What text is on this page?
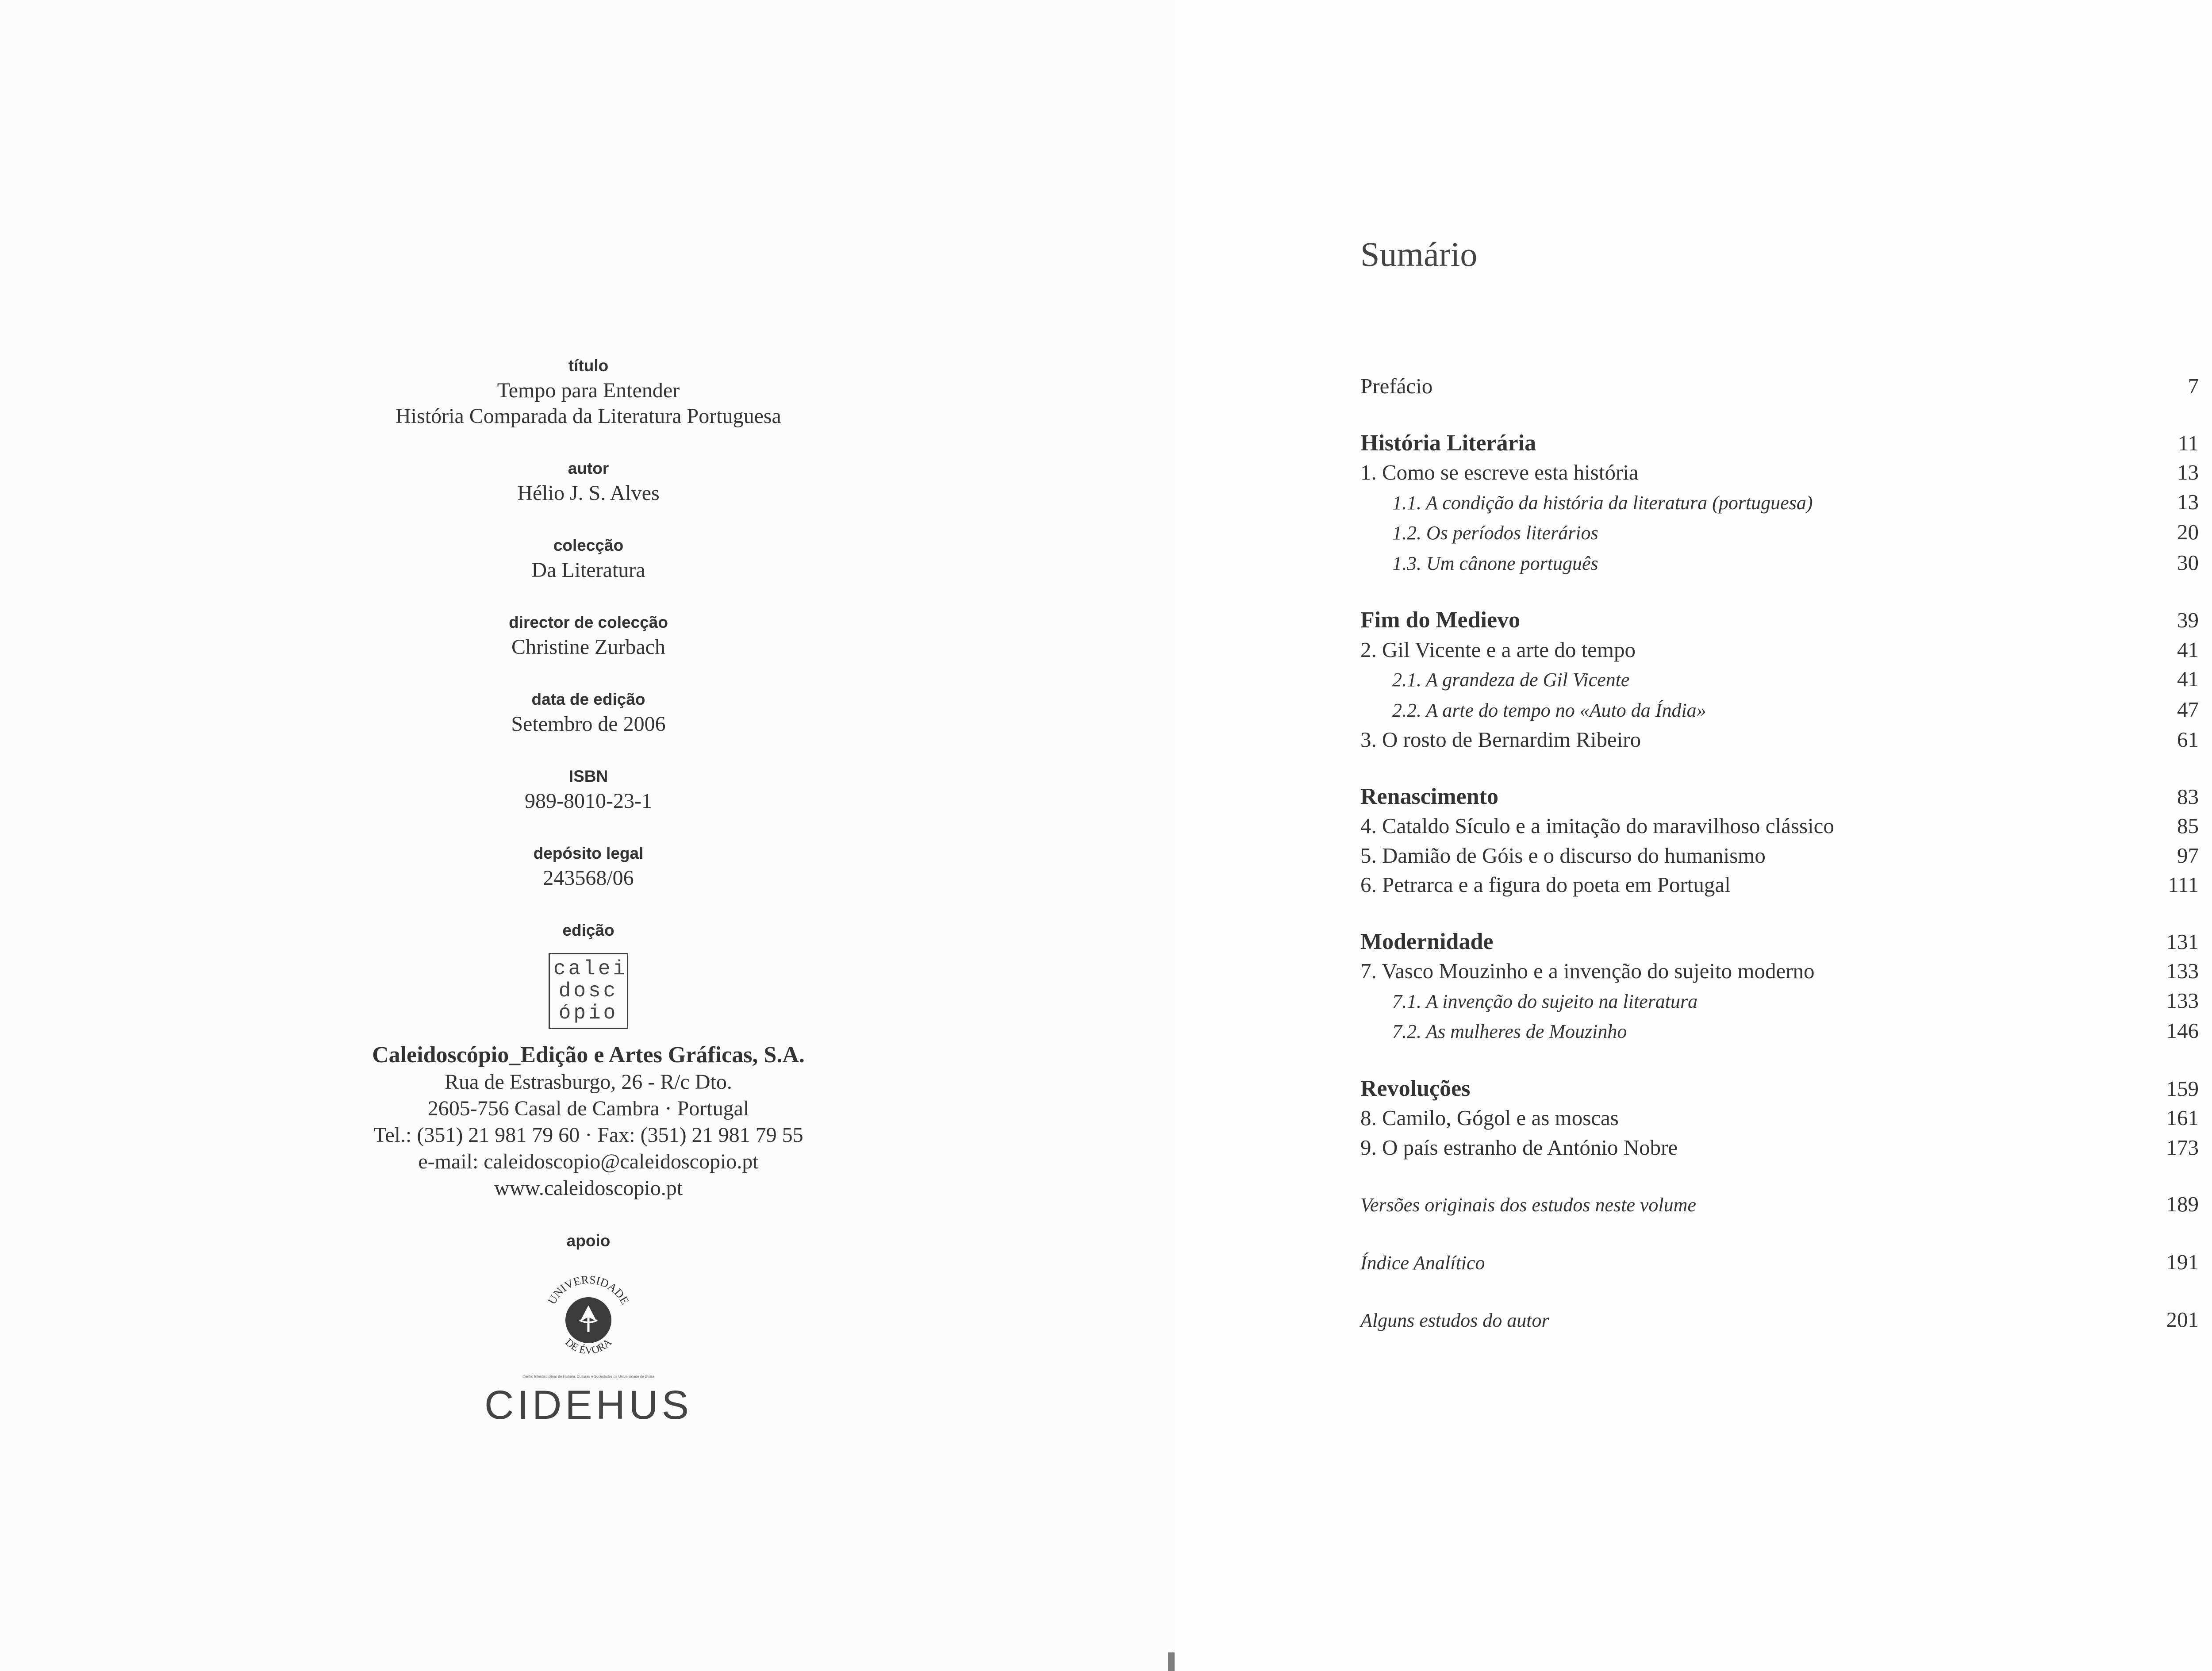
título
Tempo para Entender
História Comparada da Literatura Portuguesa
autor
Hélio J. S. Alves
colecção
Da Literatura
director de colecção
Christine Zurbach
data de edição
Setembro de 2006
ISBN
989-8010-23-1
depósito legal
243568/06
edição
calei
dosc
ópio
Caleidoscópio_Edição e Artes Gráficas, S.A.
Rua de Estrasburgo, 26 - R/c Dto.
2605-756 Casal de Cambra · Portugal
Tel.: (351) 21 981 79 60 · Fax: (351) 21 981 79 55
e-mail: caleidoscopio@caleidoscopio.pt
www.caleidoscopio.pt
apoio
UNIVERSIDADE
DE ÉVORA
Centro Interdisciplinar de História, Culturas e Sociedades da Universidade de Évora
CIDEHUS
Sumário
Prefácio	7
História Literária	11
1. Como se escreve esta história	13
1.1. A condição da história da literatura (portuguesa)	13
1.2. Os períodos literários	20
1.3. Um cânone português	30
Fim do Medievo	39
2. Gil Vicente e a arte do tempo	41
2.1. A grandeza de Gil Vicente	41
2.2. A arte do tempo no «Auto da Índia»	47
3. O rosto de Bernardim Ribeiro	61
Renascimento	83
4. Cataldo Sículo e a imitação do maravilhoso clássico	85
5. Damião de Góis e o discurso do humanismo	97
6. Petrarca e a figura do poeta em Portugal	111
Modernidade	131
7. Vasco Mouzinho e a invenção do sujeito moderno	133
7.1. A invenção do sujeito na literatura	133
7.2. As mulheres de Mouzinho	146
Revoluções	159
8. Camilo, Gógol e as moscas	161
9. O país estranho de António Nobre	173
Versões originais dos estudos neste volume	189
Índice Analítico	191
Alguns estudos do autor	201
